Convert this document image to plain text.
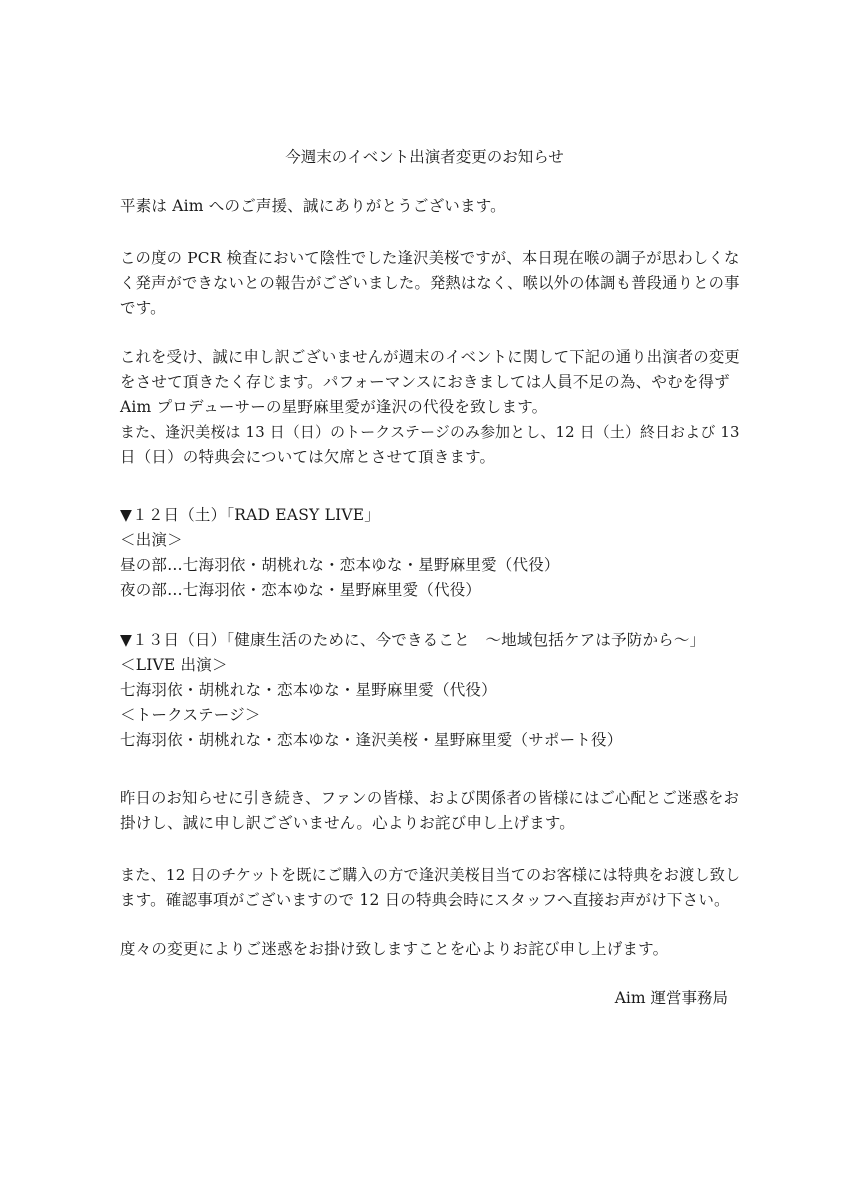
今週末のイベント出演者変更のお知らせ
平素は Aim へのご声援、誠にありがとうございます。
この度の PCR 検査において陰性でした逢沢美桜ですが、本日現在喉の調子が思わしくな
く発声ができないとの報告がございました。発熱はなく、喉以外の体調も普段通りとの事
です。
これを受け、誠に申し訳ございませんが週末のイベントに関して下記の通り出演者の変更
をさせて頂きたく存じます。パフォーマンスにおきましては人員不足の為、やむを得ず
Aim プロデューサーの星野麻里愛が逢沢の代役を致します。
また、逢沢美桜は 13 日（日）のトークステージのみ参加とし、12 日（土）終日および 13
日（日）の特典会については欠席とさせて頂きます。
▼１２日（土）「RAD EASY LIVE」
＜出演＞
昼の部…七海羽依・胡桃れな・恋本ゆな・星野麻里愛（代役）
夜の部…七海羽依・恋本ゆな・星野麻里愛（代役）
▼１３日（日）「健康生活のために、今できること　〜地域包括ケアは予防から〜」
＜LIVE 出演＞
七海羽依・胡桃れな・恋本ゆな・星野麻里愛（代役）
＜トークステージ＞
七海羽依・胡桃れな・恋本ゆな・逢沢美桜・星野麻里愛（サポート役）
昨日のお知らせに引き続き、ファンの皆様、および関係者の皆様にはご心配とご迷惑をお
掛けし、誠に申し訳ございません。心よりお詫び申し上げます。
また、12 日のチケットを既にご購入の方で逢沢美桜目当てのお客様には特典をお渡し致し
ます。確認事項がございますので 12 日の特典会時にスタッフへ直接お声がけ下さい。
度々の変更によりご迷惑をお掛け致しますことを心よりお詫び申し上げます。
Aim 運営事務局
